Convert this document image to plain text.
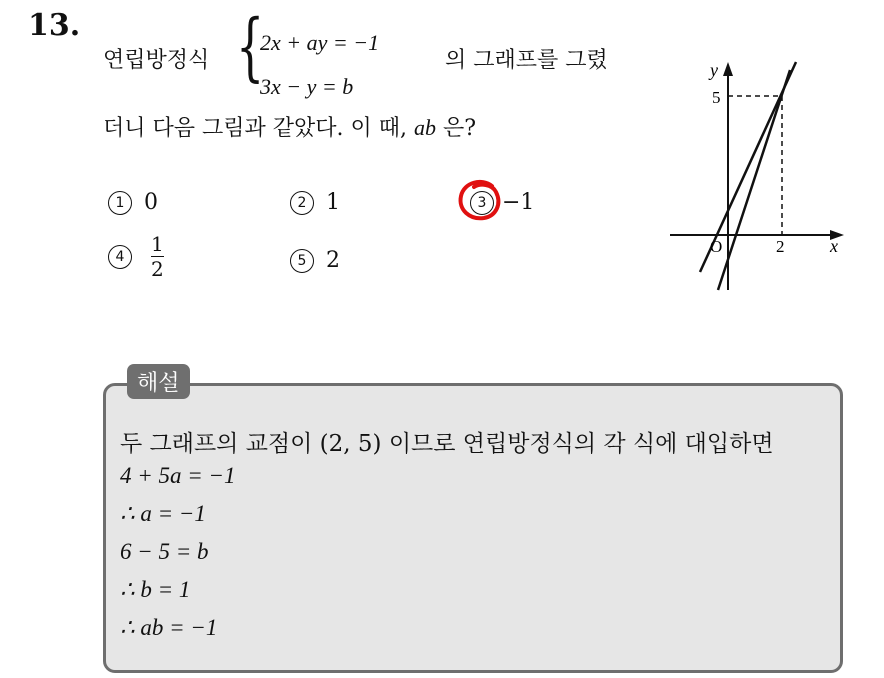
13.
연립방정식 {
2x + ay = −1
3x − y = b
의 그래프를 그렸
더니 다음 그림과 같았다. 이 때, ab 은?
1 0	2 1	3 −1
$4 \frac{1}{2}$	5 2
y
x
O
5
2
해설
두 그래프의 교점이 (2, 5) 이므로 연립방정식의 각 식에 대입하면
4 + 5a = −1
∴ a = −1
6 − 5 = b
∴ b = 1
∴ ab = −1
